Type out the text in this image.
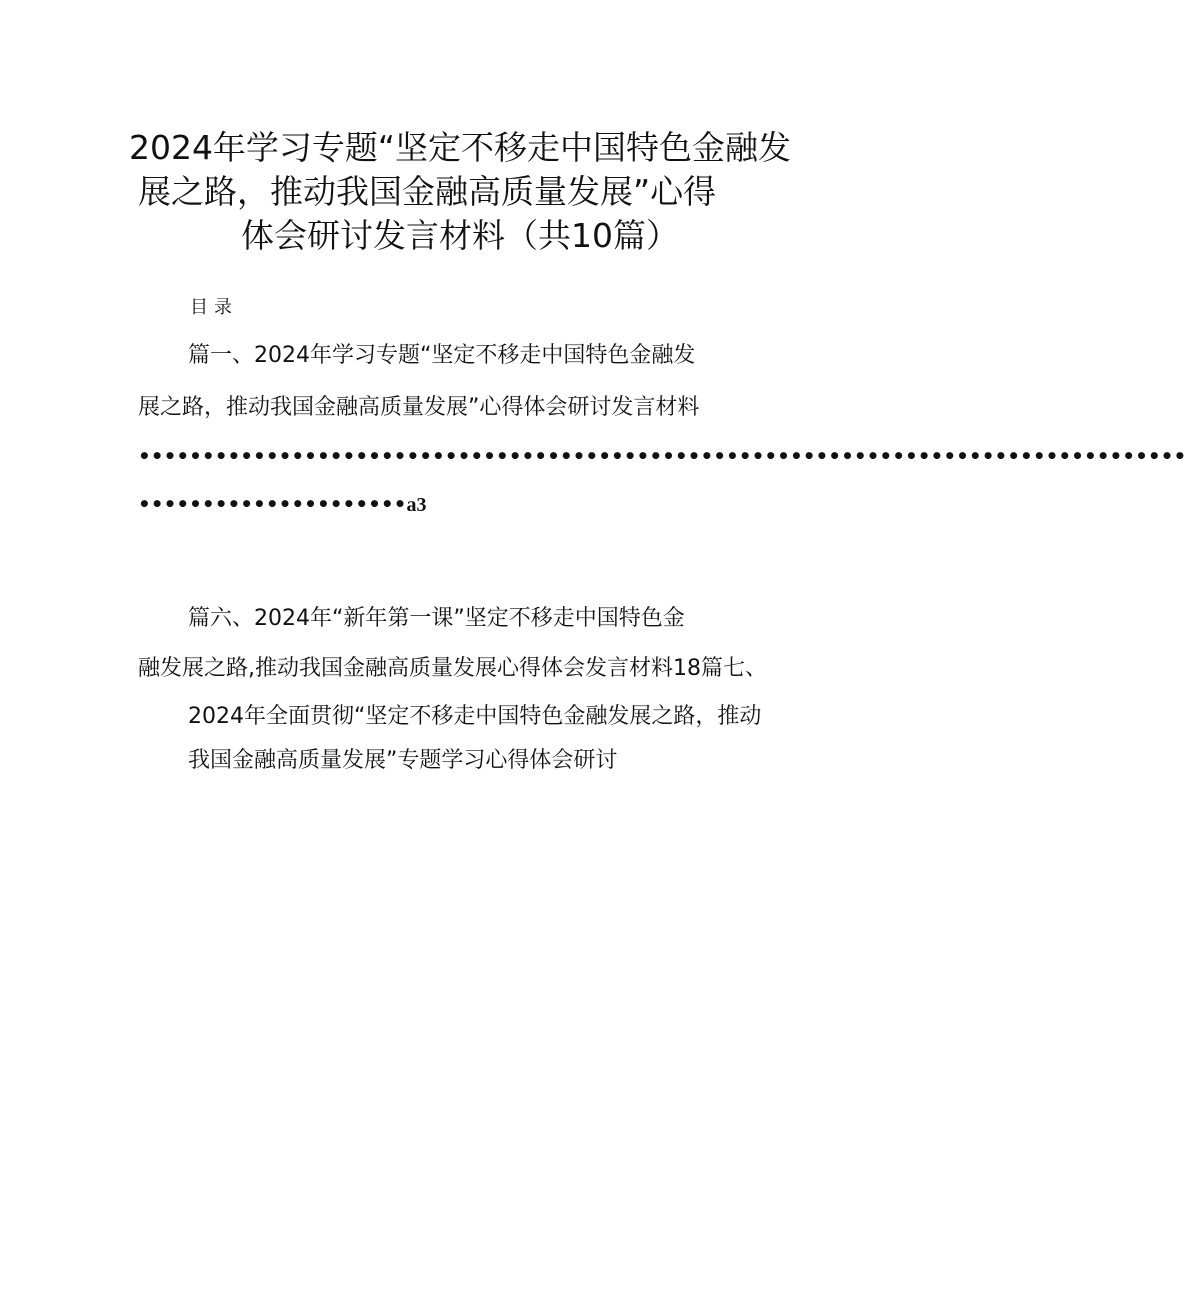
2024年学习专题“坚定不移走中国特色金融发
展之路，推动我国金融高质量发展”心得
体会研讨发言材料（共10篇）
目录
篇一、2024年学习专题“坚定不移走中国特色金融发
展之路，推动我国金融高质量发展”心得体会研讨发言材料
••••••••••••••••••••••••••••••••••••••••••••••••••••••••••••••••••••••••••••••••••
•••••••••••••••••••••a3
篇六、2024年“新年第一课”坚定不移走中国特色金
融发展之路,推动我国金融高质量发展心得体会发言材料18篇七、
2024年全面贯彻“坚定不移走中国特色金融发展之路，推动
我国金融高质量发展”专题学习心得体会研讨
